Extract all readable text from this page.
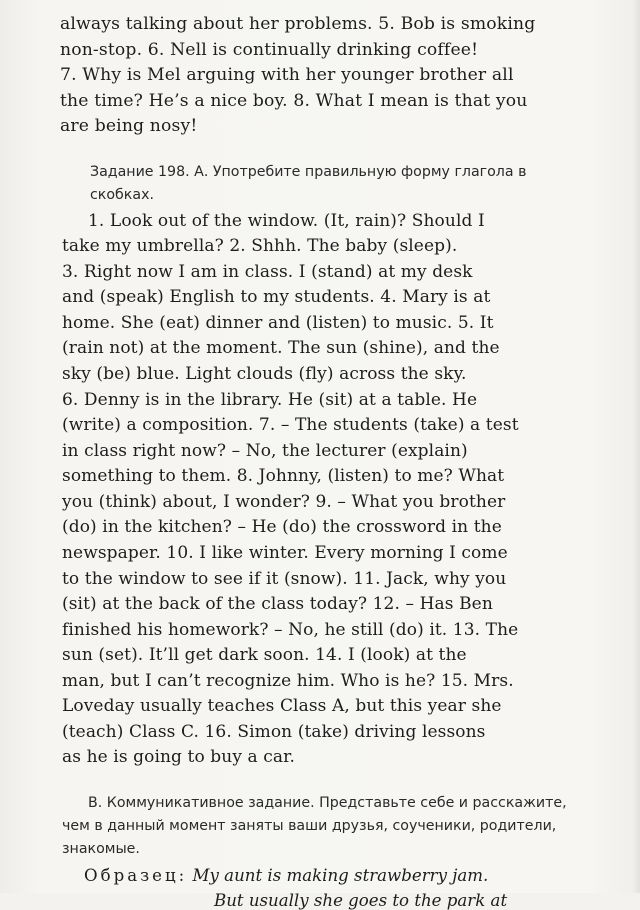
always talking about her problems. 5. Bob is smoking
non-stop. 6. Nell is continually drinking coffee!
7. Why is Mel arguing with her younger brother all
the time? He’s a nice boy. 8. What I mean is that you
are being nosy!
Задание 198. А. Употребите правильную форму глагола в
скобках.
1. Look out of the window. (It, rain)? Should I
take my umbrella? 2. Shhh. The baby (sleep).
3. Right now I am in class. I (stand) at my desk
and (speak) English to my students. 4. Mary is at
home. She (eat) dinner and (listen) to music. 5. It
(rain not) at the moment. The sun (shine), and the
sky (be) blue. Light clouds (fly) across the sky.
6. Denny is in the library. He (sit) at a table. He
(write) a composition. 7. – The students (take) a test
in class right now? – No, the lecturer (explain)
something to them. 8. Johnny, (listen) to me? What
you (think) about, I wonder? 9. – What you brother
(do) in the kitchen? – He (do) the crossword in the
newspaper. 10. I like winter. Every morning I come
to the window to see if it (snow). 11. Jack, why you
(sit) at the back of the class today? 12. – Has Ben
finished his homework? – No, he still (do) it. 13. The
sun (set). It’ll get dark soon. 14. I (look) at the
man, but I can’t recognize him. Who is he? 15. Mrs.
Loveday usually teaches Class A, but this year she
(teach) Class C. 16. Simon (take) driving lessons
as he is going to buy a car.
В. Коммуникативное задание. Представьте себе и расскажите,
чем в данный момент заняты ваши друзья, соученики, родители,
знакомые.
Образец: My aunt is making strawberry jam.
But usually she goes to the park at
